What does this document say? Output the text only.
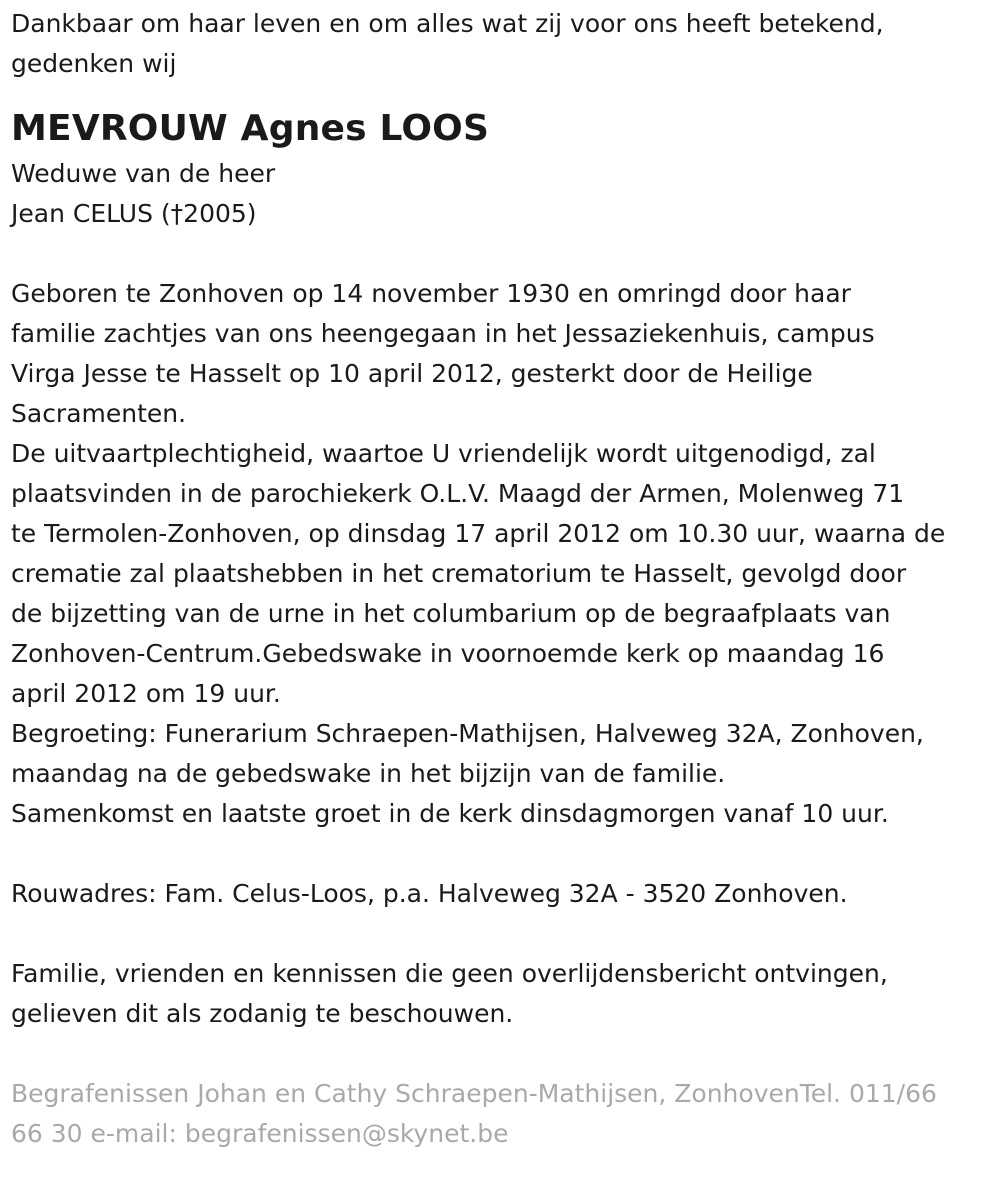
Dankbaar om haar leven en om alles wat zij voor ons heeft betekend,

gedenken wij

MEVROUW Agnes LOOS

Weduwe van de heer

Jean CELUS (†2005)

Geboren te Zonhoven op 14 november 1930 en omringd door haar

familie zachtjes van ons heengegaan in het Jessaziekenhuis, campus

Virga Jesse te Hasselt op 10 april 2012, gesterkt door de Heilige

Sacramenten.

De uitvaartplechtigheid, waartoe U vriendelijk wordt uitgenodigd, zal

plaatsvinden in de parochiekerk O.L.V. Maagd der Armen, Molenweg 71

te Termolen-Zonhoven, op dinsdag 17 april 2012 om 10.30 uur, waarna de

crematie zal plaatshebben in het crematorium te Hasselt, gevolgd door

de bijzetting van de urne in het columbarium op de begraafplaats van

Zonhoven-Centrum.Gebedswake in voornoemde kerk op maandag 16

april 2012 om 19 uur.

Begroeting: Funerarium Schraepen-Mathijsen, Halveweg 32A, Zonhoven,

maandag na de gebedswake in het bijzijn van de familie.

Samenkomst en laatste groet in de kerk dinsdagmorgen vanaf 10 uur.

Rouwadres: Fam. Celus-Loos, p.a. Halveweg 32A - 3520 Zonhoven.

Familie, vrienden en kennissen die geen overlijdensbericht ontvingen,

gelieven dit als zodanig te beschouwen.

Begrafenissen Johan en Cathy Schraepen-Mathijsen, ZonhovenTel. 011/66

66 30 e-mail: begrafenissen@skynet.be
